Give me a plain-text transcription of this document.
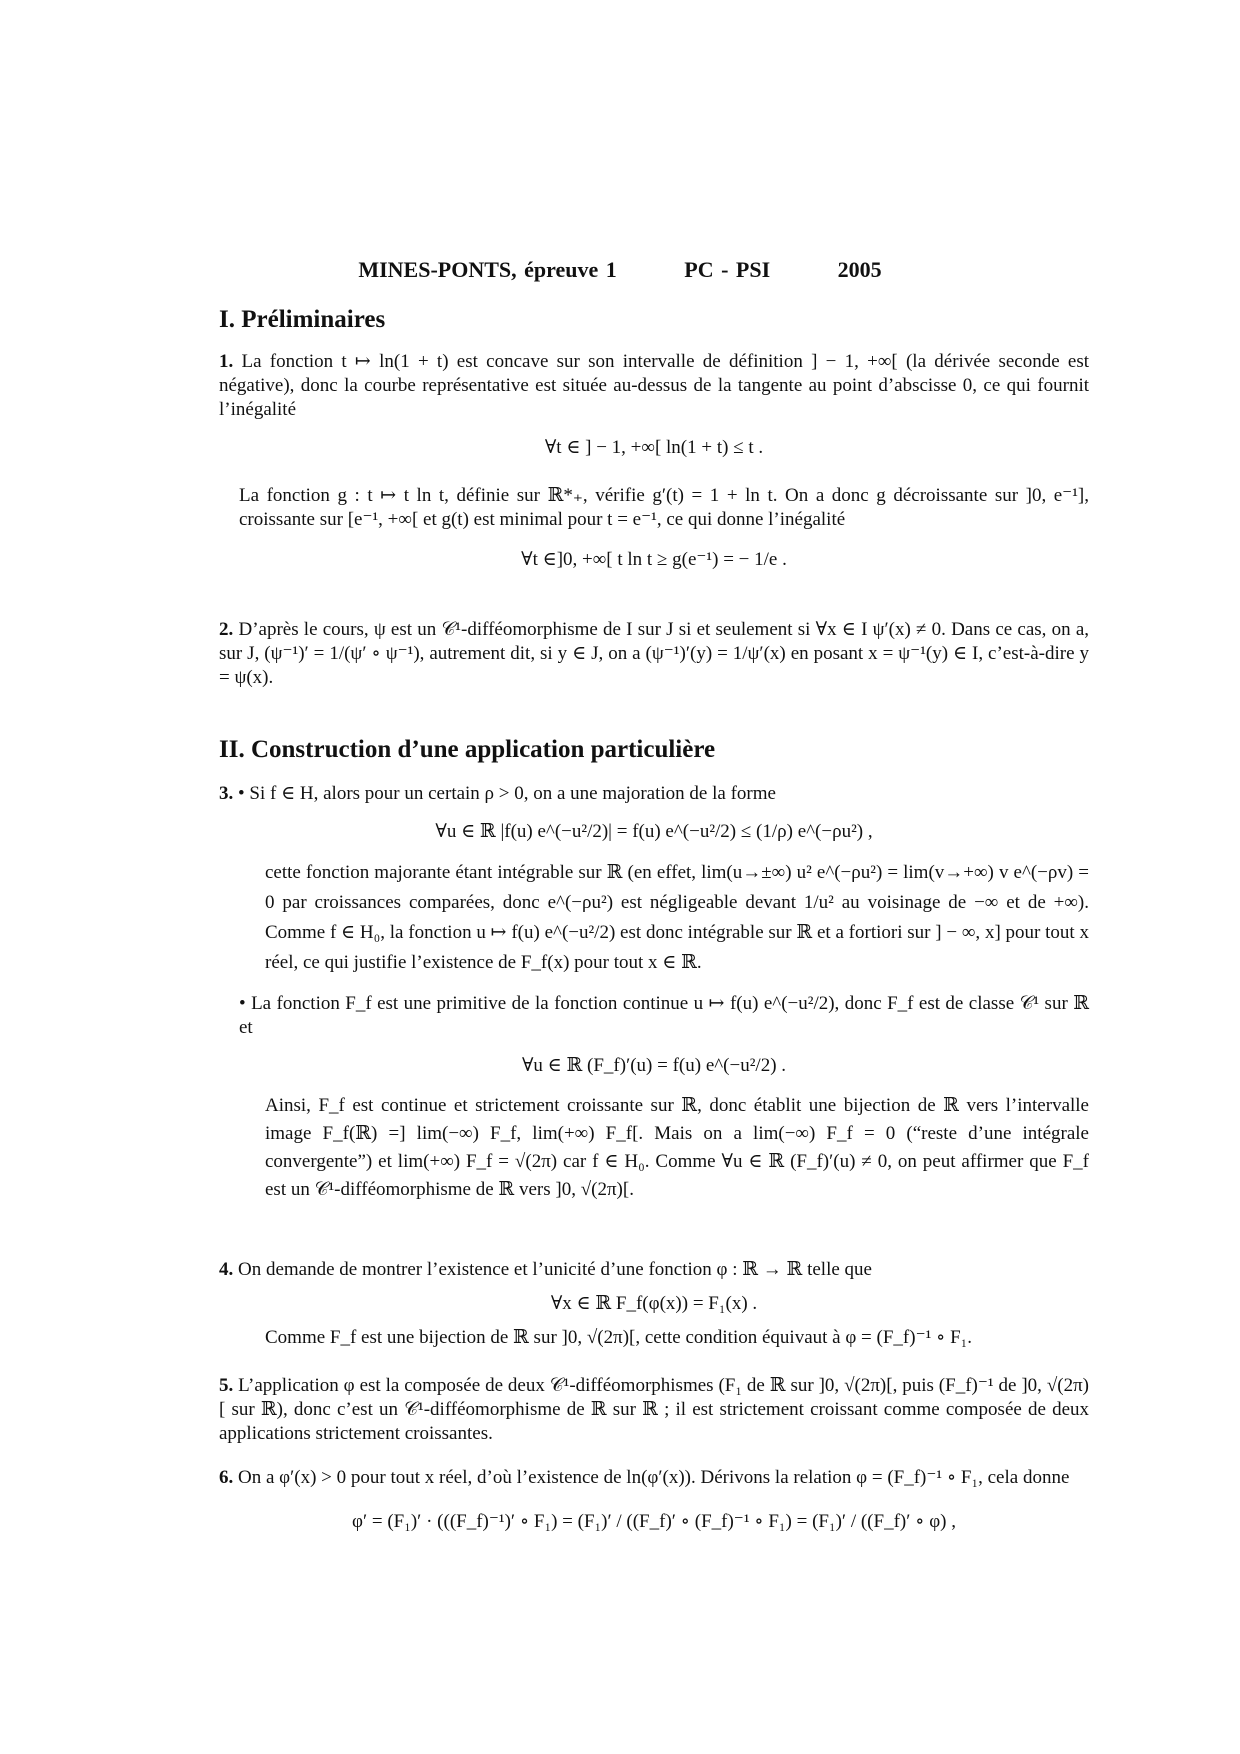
MINES-PONTS, épreuve 1	PC - PSI	2005
I. Préliminaires

1. La fonction t ↦ ln(1 + t) est concave sur son intervalle de définition ] − 1, +∞[ (la dérivée seconde est négative), donc la courbe représentative est située au-dessus de la tangente au point d’abscisse 0, ce qui fournit l’inégalité

∀t ∈ ] − 1, +∞[ ln(1 + t) ≤ t .

La fonction g : t ↦ t ln t, définie sur ℝ*₊, vérifie g′(t) = 1 + ln t. On a donc g décroissante sur ]0, e⁻¹], croissante sur [e⁻¹, +∞[ et g(t) est minimal pour t = e⁻¹, ce qui donne l’inégalité

∀t ∈]0, +∞[ t ln t ≥ g(e⁻¹) = − 1/e .

2. D’après le cours, ψ est un 𝒞¹-difféomorphisme de I sur J si et seulement si ∀x ∈ I ψ′(x) ≠ 0. Dans ce cas, on a, sur J, (ψ⁻¹)′ = 1/(ψ′ ∘ ψ⁻¹), autrement dit, si y ∈ J, on a (ψ⁻¹)′(y) = 1/ψ′(x) en posant x = ψ⁻¹(y) ∈ I, c’est-à-dire y = ψ(x).

II. Construction d’une application particulière

3. • Si f ∈ H, alors pour un certain ρ > 0, on a une majoration de la forme

∀u ∈ ℝ |f(u) e^(−u²/2)| = f(u) e^(−u²/2) ≤ (1/ρ) e^(−ρu²) ,

cette fonction majorante étant intégrable sur ℝ (en effet, lim(u→±∞) u² e^(−ρu²) = lim(v→+∞) v e^(−ρv) = 0 par croissances comparées, donc e^(−ρu²) est négligeable devant 1/u² au voisinage de −∞ et de +∞). Comme f ∈ H₀, la fonction u ↦ f(u) e^(−u²/2) est donc intégrable sur ℝ et a fortiori sur ] − ∞, x] pour tout x réel, ce qui justifie l’existence de F_f(x) pour tout x ∈ ℝ.

• La fonction F_f est une primitive de la fonction continue u ↦ f(u) e^(−u²/2), donc F_f est de classe 𝒞¹ sur ℝ et

∀u ∈ ℝ (F_f)′(u) = f(u) e^(−u²/2) .

Ainsi, F_f est continue et strictement croissante sur ℝ, donc établit une bijection de ℝ vers l’intervalle image F_f(ℝ) =] lim(−∞) F_f, lim(+∞) F_f[. Mais on a lim(−∞) F_f = 0 (“reste d’une intégrale convergente”) et lim(+∞) F_f = √(2π) car f ∈ H₀. Comme ∀u ∈ ℝ (F_f)′(u) ≠ 0, on peut affirmer que F_f est un 𝒞¹-difféomorphisme de ℝ vers ]0, √(2π)[.

4. On demande de montrer l’existence et l’unicité d’une fonction φ : ℝ → ℝ telle que

∀x ∈ ℝ F_f(φ(x)) = F₁(x) .

Comme F_f est une bijection de ℝ sur ]0, √(2π)[, cette condition équivaut à φ = (F_f)⁻¹ ∘ F₁.

5. L’application φ est la composée de deux 𝒞¹-difféomorphismes (F₁ de ℝ sur ]0, √(2π)[, puis (F_f)⁻¹ de ]0, √(2π)[ sur ℝ), donc c’est un 𝒞¹-difféomorphisme de ℝ sur ℝ ; il est strictement croissant comme composée de deux applications strictement croissantes.

6. On a φ′(x) > 0 pour tout x réel, d’où l’existence de ln(φ′(x)). Dérivons la relation φ = (F_f)⁻¹ ∘ F₁, cela donne

φ′ = (F₁)′ · (((F_f)⁻¹)′ ∘ F₁) = (F₁)′ / ((F_f)′ ∘ (F_f)⁻¹ ∘ F₁) = (F₁)′ / ((F_f)′ ∘ φ) ,
